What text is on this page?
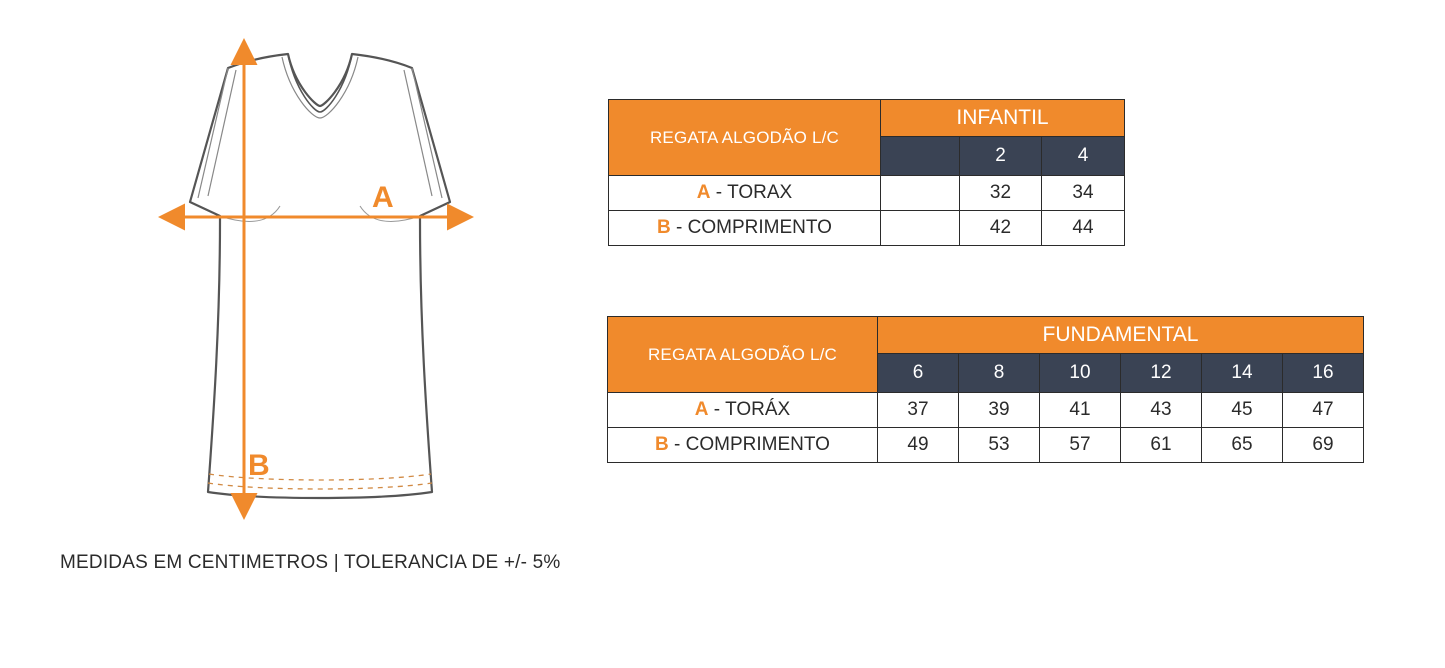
A
B
REGATA ALGODÃO L/C	INFANTIL		
		2	4
A - TORAX		32	34
B - COMPRIMENTO		42	44
REGATA ALGODÃO L/C	FUNDAMENTAL					
	6	8	10	12	14	16
A - TORÁX	37	39	41	43	45	47
B - COMPRIMENTO	49	53	57	61	65	69
MEDIDAS EM CENTIMETROS | TOLERANCIA DE +/- 5%
